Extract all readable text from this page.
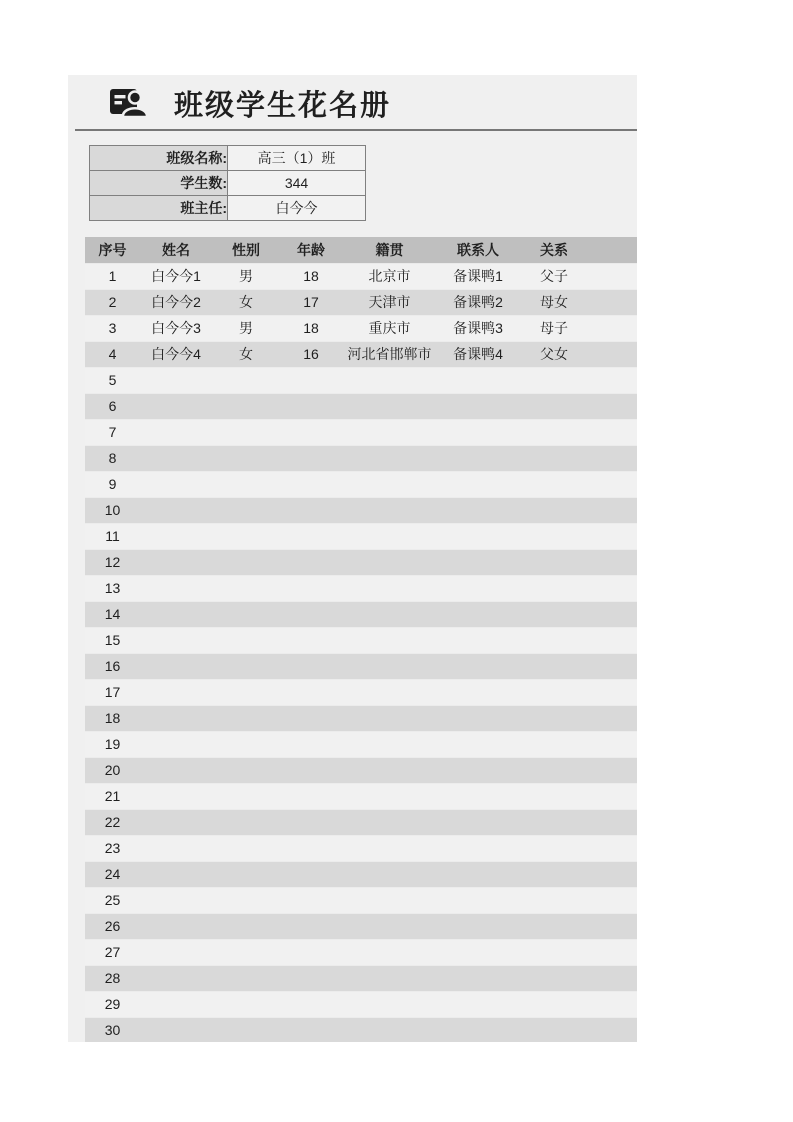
班级学生花名册
班级名称:	高三（1）班
学生数:	344
班主任:	白今今
序号	姓名	性别	年龄	籍贯	联系人	关系	
1	白今今1	男	18	北京市	备课鸭1	父子	
2	白今今2	女	17	天津市	备课鸭2	母女	
3	白今今3	男	18	重庆市	备课鸭3	母子	
4	白今今4	女	16	河北省邯郸市	备课鸭4	父女	
5							
6							
7							
8							
9							
10							
11							
12							
13							
14							
15							
16							
17							
18							
19							
20							
21							
22							
23							
24							
25							
26							
27							
28							
29							
30							
